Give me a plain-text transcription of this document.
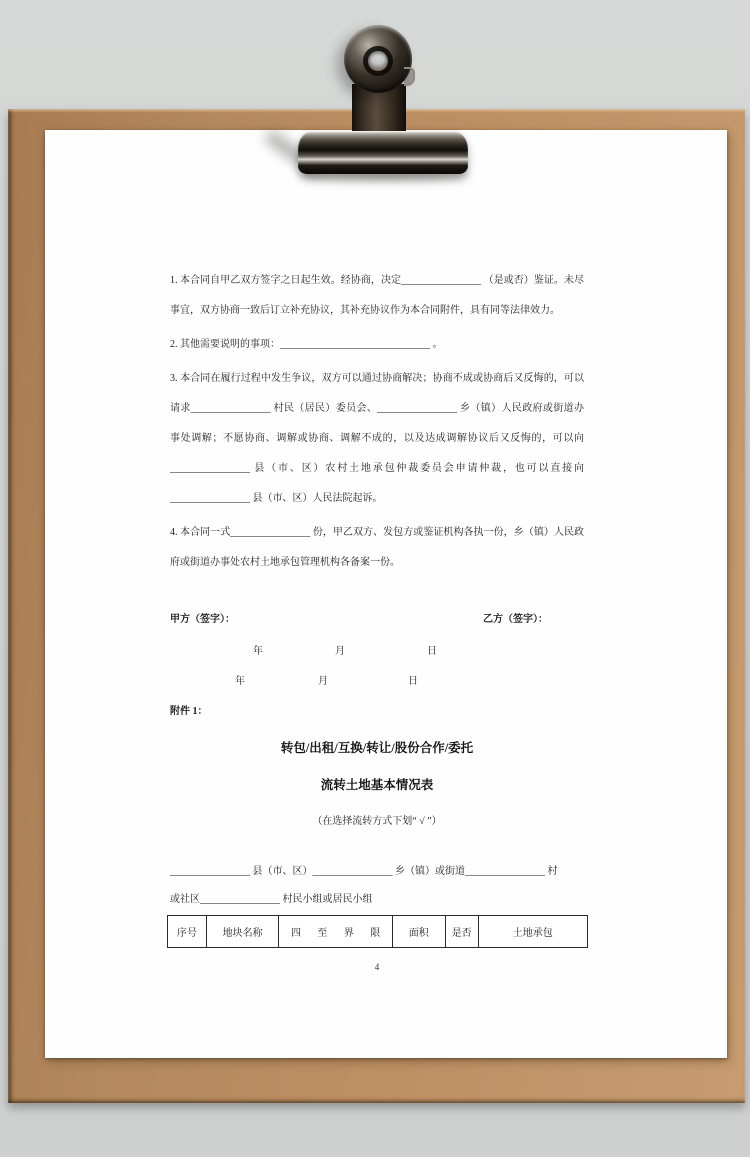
1. 本合同自甲乙双方签字之日起生效。经协商，决定________________ （是或否）鉴证。未尽事宜，双方协商一致后订立补充协议，其补充协议作为本合同附件，具有同等法律效力。

2. 其他需要说明的事项：______________________________ 。

3. 本合同在履行过程中发生争议，双方可以通过协商解决；协商不成或协商后又反悔的，可以请求________________ 村民（居民）委员会、________________ 乡（镇）人民政府或街道办事处调解；不愿协商、调解或协商、调解不成的，以及达成调解协议后又反悔的，可以向________________ 县（市、区）农村土地承包仲裁委员会申请仲裁，也可以直接向________________ 县（市、区）人民法院起诉。

4. 本合同一式________________ 份，甲乙双方、发包方或鉴证机构各执一份，乡（镇）人民政府或街道办事处农村土地承包管理机构各备案一份。

甲方（签字）：	乙方（签字）：
年	月	日
年	月	日
附件 1：
转包/出租/互换/转让/股份合作/委托
流转土地基本情况表
（在选择流转方式下划“ √ ”）
________________ 县（市、区）________________ 乡（镇）或街道________________ 村
或社区________________ 村民小组或居民小组
序号	地块名称	四 至 界 限	面积	是否	土地承包
4
